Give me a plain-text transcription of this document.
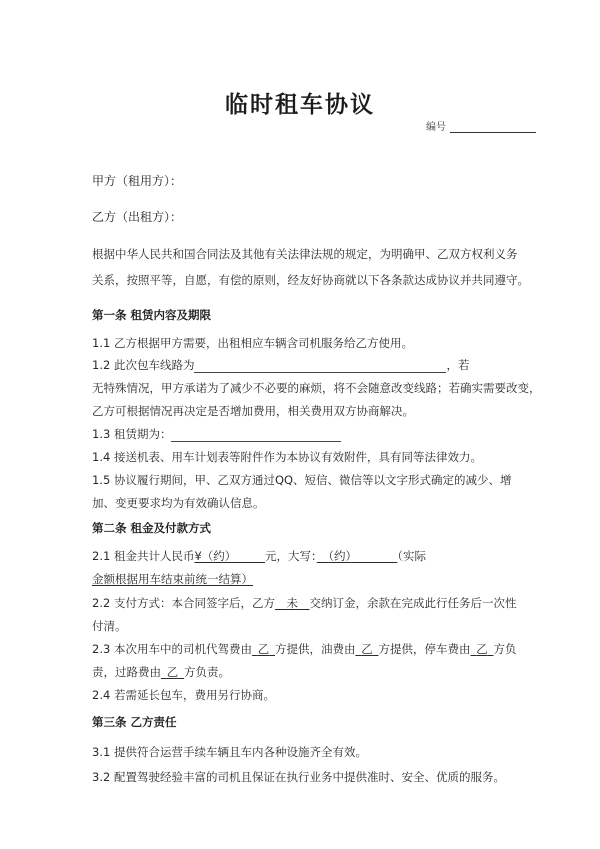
临时租车协议
编号
甲方（租用方）：
乙方（出租方）：
根据中华人民共和国合同法及其他有关法律法规的规定，为明确甲、乙双方权利义务
关系，按照平等，自愿，有偿的原则，经友好协商就以下各条款达成协议并共同遵守。
第一条 租赁内容及期限
1.1 乙方根据甲方需要，出租相应车辆含司机服务给乙方使用。
1.2 此次包车线路为	，若
无特殊情况，甲方承诺为了减少不必要的麻烦，将不会随意改变线路；若确实需要改变，
乙方可根据情况再决定是否增加费用，相关费用双方协商解决。
1.3 租赁期为：
1.4 接送机表、用车计划表等附件作为本协议有效附件，具有同等法律效力。
1.5 协议履行期间，甲、乙双方通过QQ、短信、微信等以文字形式确定的减少、增
加、变更要求均为有效确认信息。
第二条 租金及付款方式
2.1 租金共计人民币¥（约）　　　	元，大写：　 （约）　　　　	（实际
金额根据用车结束前统一结算）
2.2 支付方式：本合同签字后，乙方　 未　 交纳订金，余款在完成此行任务后一次性
付清。
2.3 本次用车中的司机代驾费由  乙  方提供，油费由  乙  方提供，停车费由  乙  方负
责，过路费由  乙  方负责。
2.4 若需延长包车，费用另行协商。
第三条 乙方责任
3.1 提供符合运营手续车辆且车内各种设施齐全有效。
3.2 配置驾驶经验丰富的司机且保证在执行业务中提供准时、安全、优质的服务。
